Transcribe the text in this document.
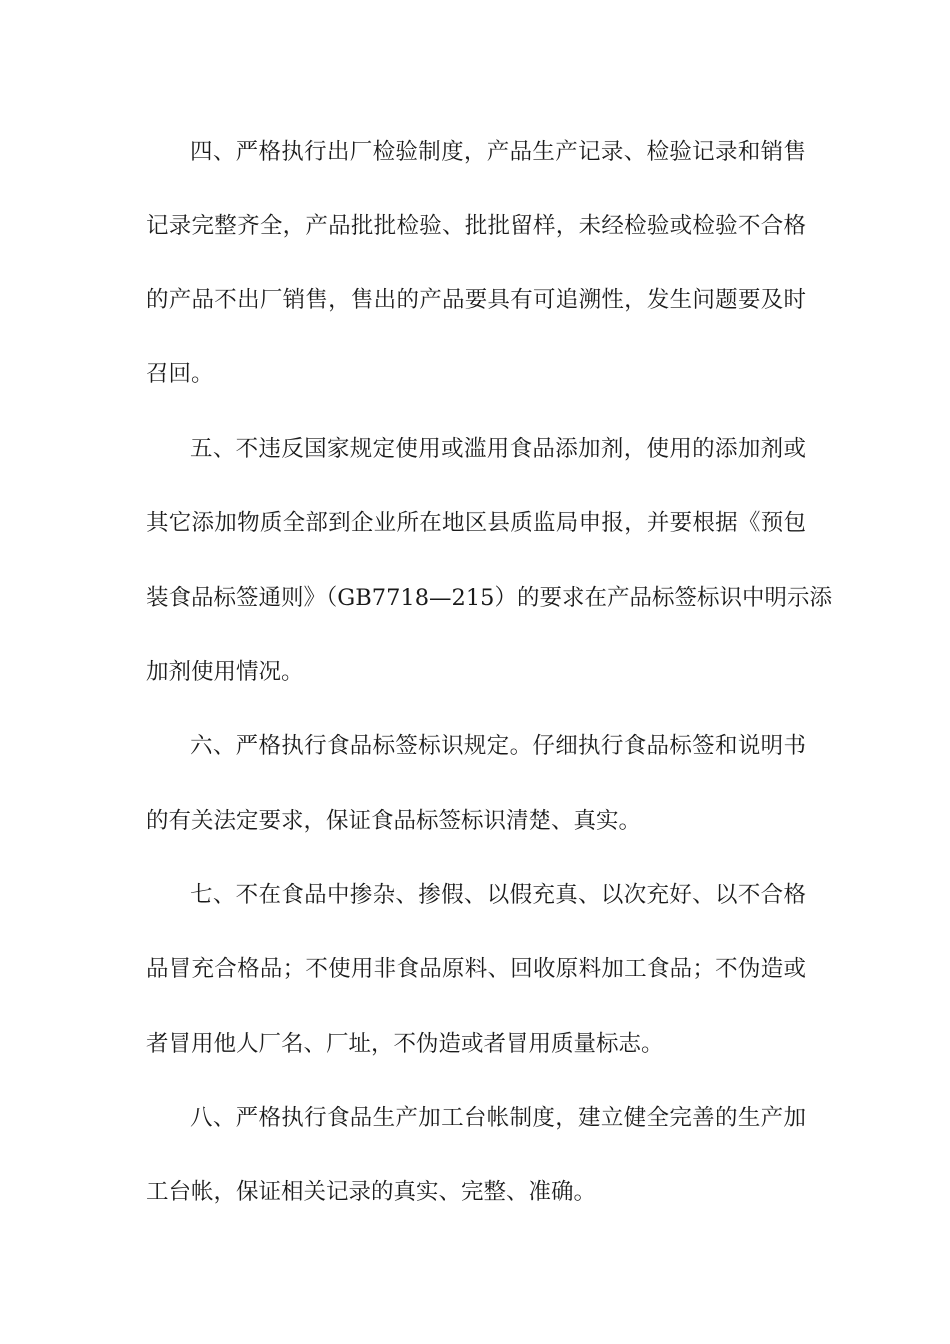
四、严格执行出厂检验制度，产品生产记录、检验记录和销售
记录完整齐全，产品批批检验、批批留样，未经检验或检验不合格
的产品不出厂销售，售出的产品要具有可追溯性，发生问题要及时
召回。
五、不违反国家规定使用或滥用食品添加剂，使用的添加剂或
其它添加物质全部到企业所在地区县质监局申报，并要根据《预包
装食品标签通则》（GB7718—215）的要求在产品标签标识中明示添
加剂使用情况。
六、严格执行食品标签标识规定。仔细执行食品标签和说明书
的有关法定要求，保证食品标签标识清楚、真实。
七、不在食品中掺杂、掺假、以假充真、以次充好、以不合格
品冒充合格品；不使用非食品原料、回收原料加工食品；不伪造或
者冒用他人厂名、厂址，不伪造或者冒用质量标志。
八、严格执行食品生产加工台帐制度，建立健全完善的生产加
工台帐，保证相关记录的真实、完整、准确。
